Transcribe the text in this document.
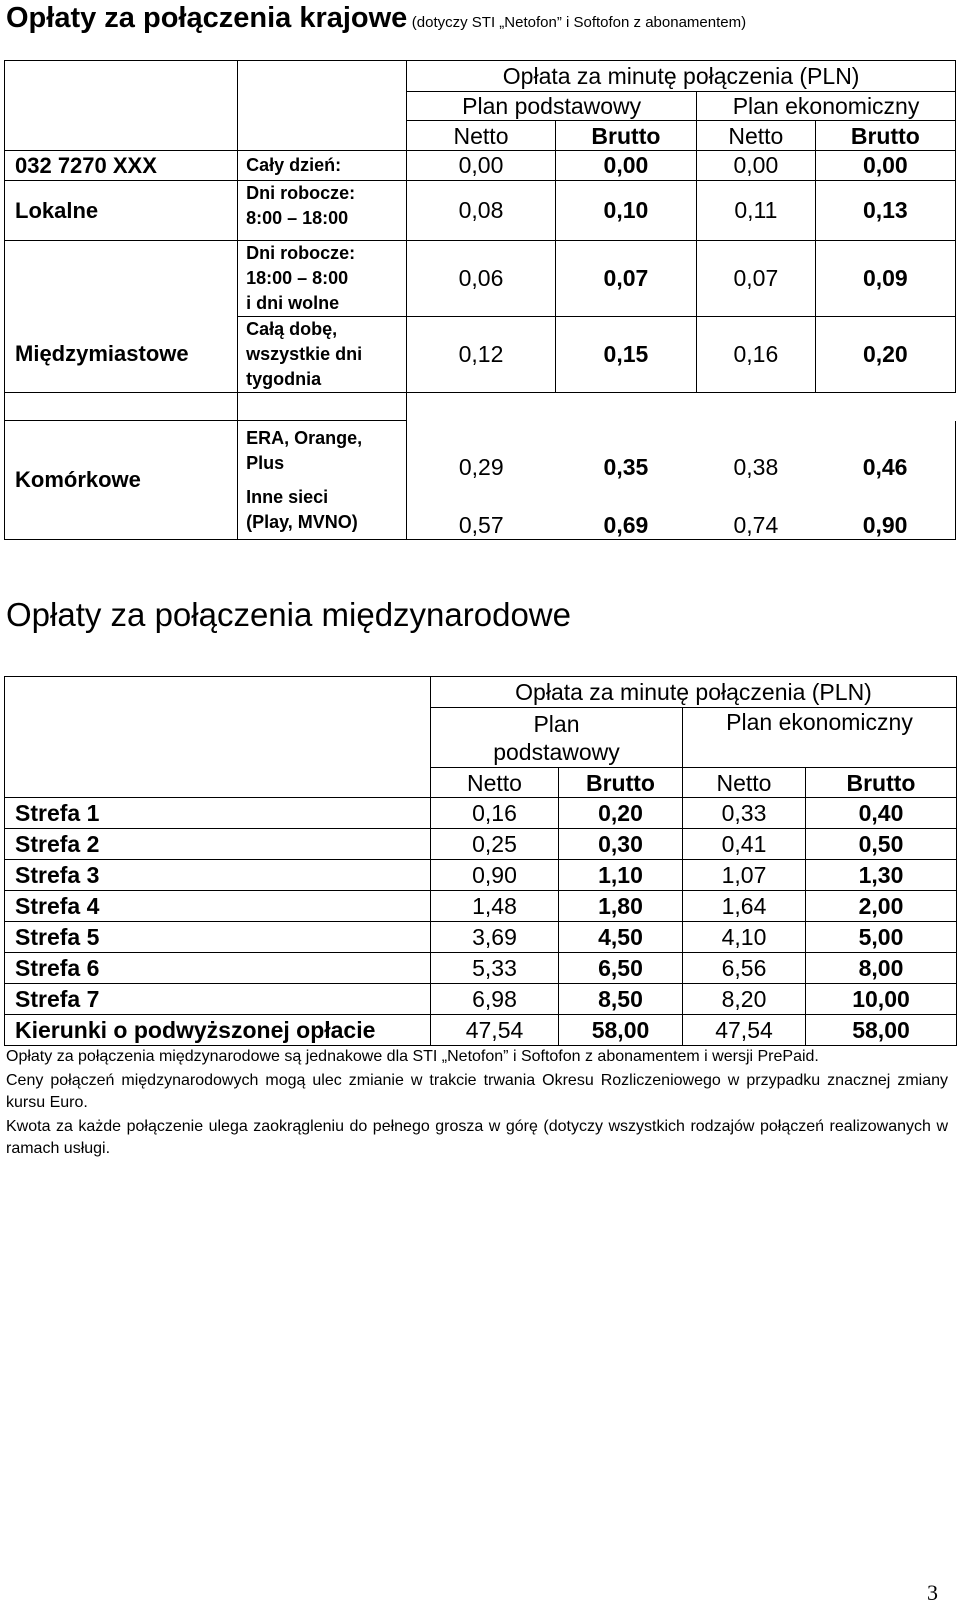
Opłaty za połączenia krajowe (dotyczy STI „Netofon” i Softofon z abonamentem)
		Opłata za minutę połączenia (PLN)			
		Plan podstawowy		Plan ekonomiczny	
		Netto	Brutto	Netto	Brutto
032 7270 XXX	Cały dzień:	0,00	0,00	0,00	0,00
Lokalne	Dni robocze:
8:00 – 18:00	0,08	0,10	0,11	0,13
	Dni robocze:
18:00 – 8:00
i dni wolne	0,06	0,07	0,07	0,09
Międzymiastowe	Całą dobę,
wszystkie dni
tygodnia	0,12	0,15	0,16	0,20

Komórkowe	ERA, Orange,
Plus	0,29	0,35	0,38	0,46
	Inne sieci
(Play, MVNO)	0,57	0,69	0,74	0,90
Opłaty za połączenia międzynarodowe
	Opłata za minutę połączenia (PLN)			
	Plan
podstawowy		Plan ekonomiczny	
	Netto	Brutto	Netto	Brutto
Strefa 1	0,16	0,20	0,33	0,40
Strefa 2	0,25	0,30	0,41	0,50
Strefa 3	0,90	1,10	1,07	1,30
Strefa 4	1,48	1,80	1,64	2,00
Strefa 5	3,69	4,50	4,10	5,00
Strefa 6	5,33	6,50	6,56	8,00
Strefa 7	6,98	8,50	8,20	10,00
Kierunki o podwyższonej opłacie	47,54	58,00	47,54	58,00

Opłaty za połączenia międzynarodowe są jednakowe dla STI „Netofon” i Softofon z abonamentem i wersji PrePaid.

Ceny połączeń międzynarodowych mogą ulec zmianie w trakcie trwania Okresu Rozliczeniowego w przypadku znacznej zmiany kursu Euro.

Kwota za każde połączenie ulega zaokrągleniu do pełnego grosza w górę (dotyczy wszystkich rodzajów połączeń realizowanych w ramach usługi.

3
